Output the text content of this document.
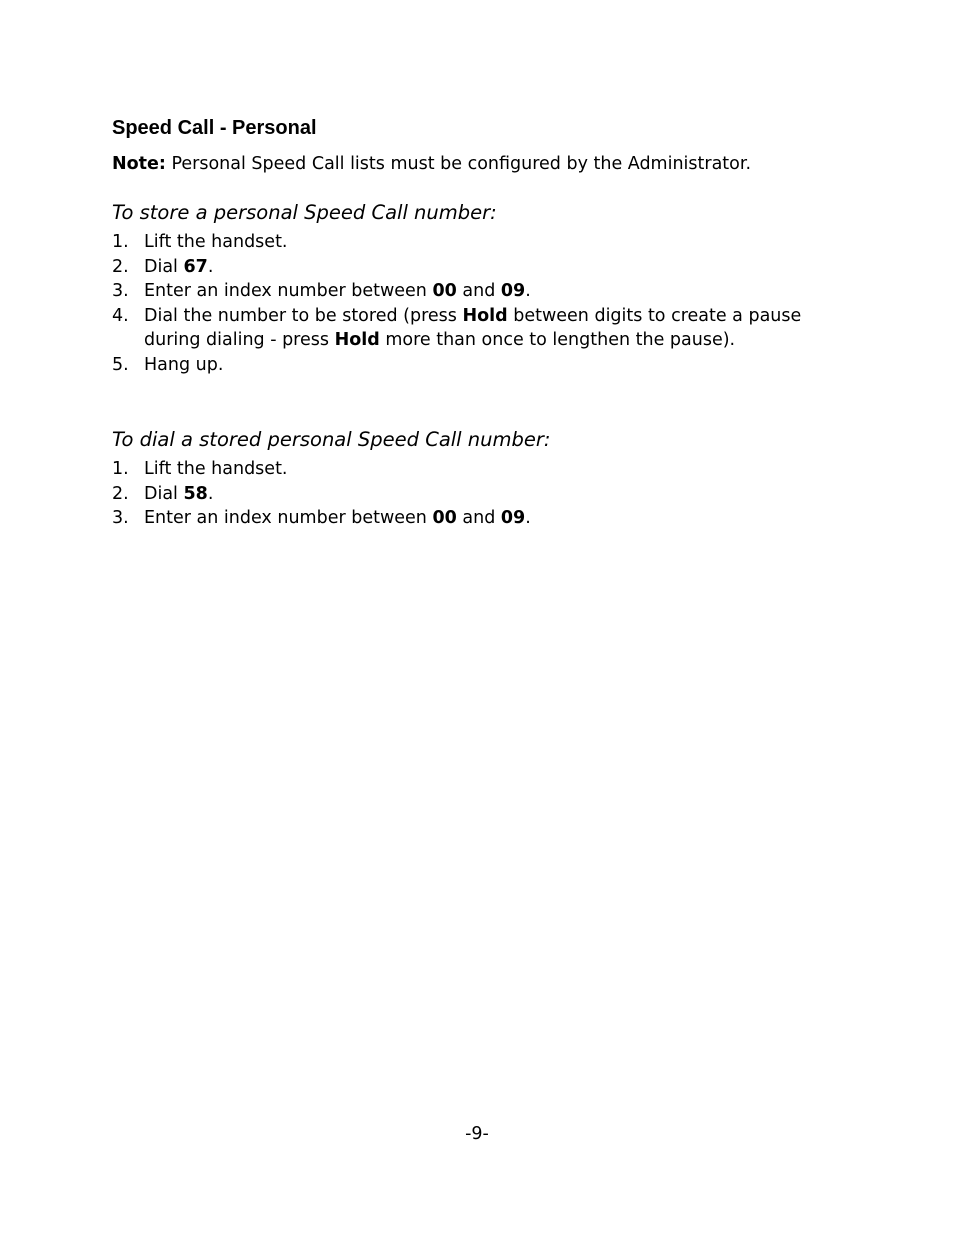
Speed Call - Personal

Note: Personal Speed Call lists must be configured by the Administrator.

To store a personal Speed Call number:

1. Lift the handset.
2. Dial 67.
3. Enter an index number between 00 and 09.
4. Dial the number to be stored (press Hold between digits to create a pause during dialing - press Hold more than once to lengthen the pause).
5. Hang up.

To dial a stored personal Speed Call number:

1. Lift the handset.
2. Dial 58.
3. Enter an index number between 00 and 09.
-9-
